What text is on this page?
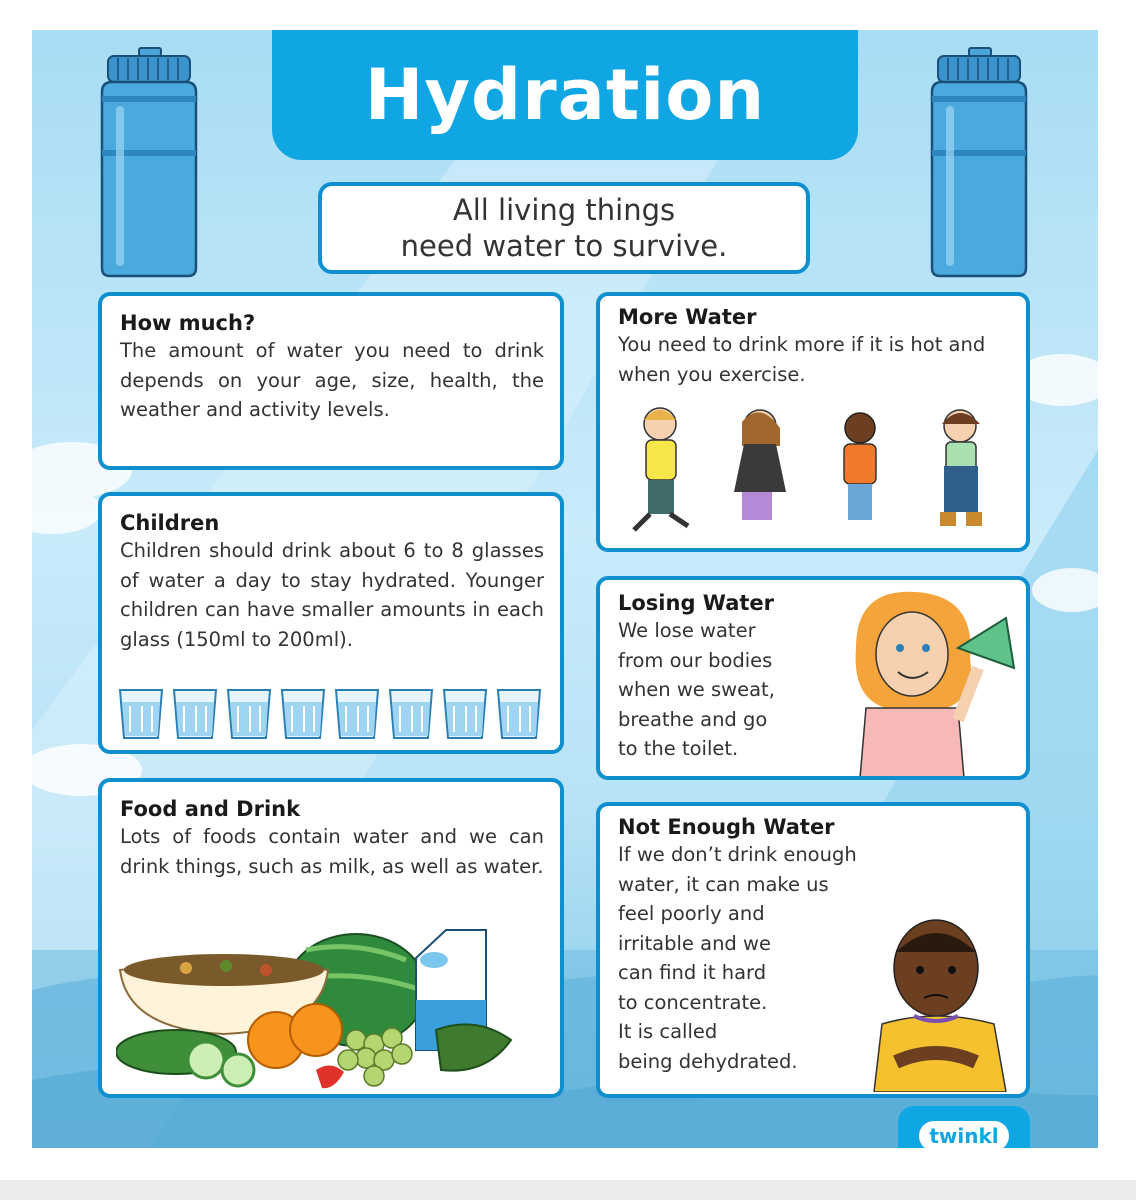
Hydration
All living things
need water to survive.
How much?

The amount of water you need to drink depends on your age, size, health, the weather and activity levels.

Children

Children should drink about 6 to 8 glasses of water a day to stay hydrated. Younger children can have smaller amounts in each glass (150ml to 200ml).

Food and Drink

Lots of foods contain water and we can drink things, such as milk, as well as water.

More Water

You need to drink more if it is hot and when you exercise.

Losing Water

We lose water

from our bodies

when we sweat,

breathe and go

to the toilet.

Not Enough Water

If we don’t drink enough

water, it can make us

feel poorly and

irritable and we

can find it hard

to concentrate.

It is called

being dehydrated.

twinkl
